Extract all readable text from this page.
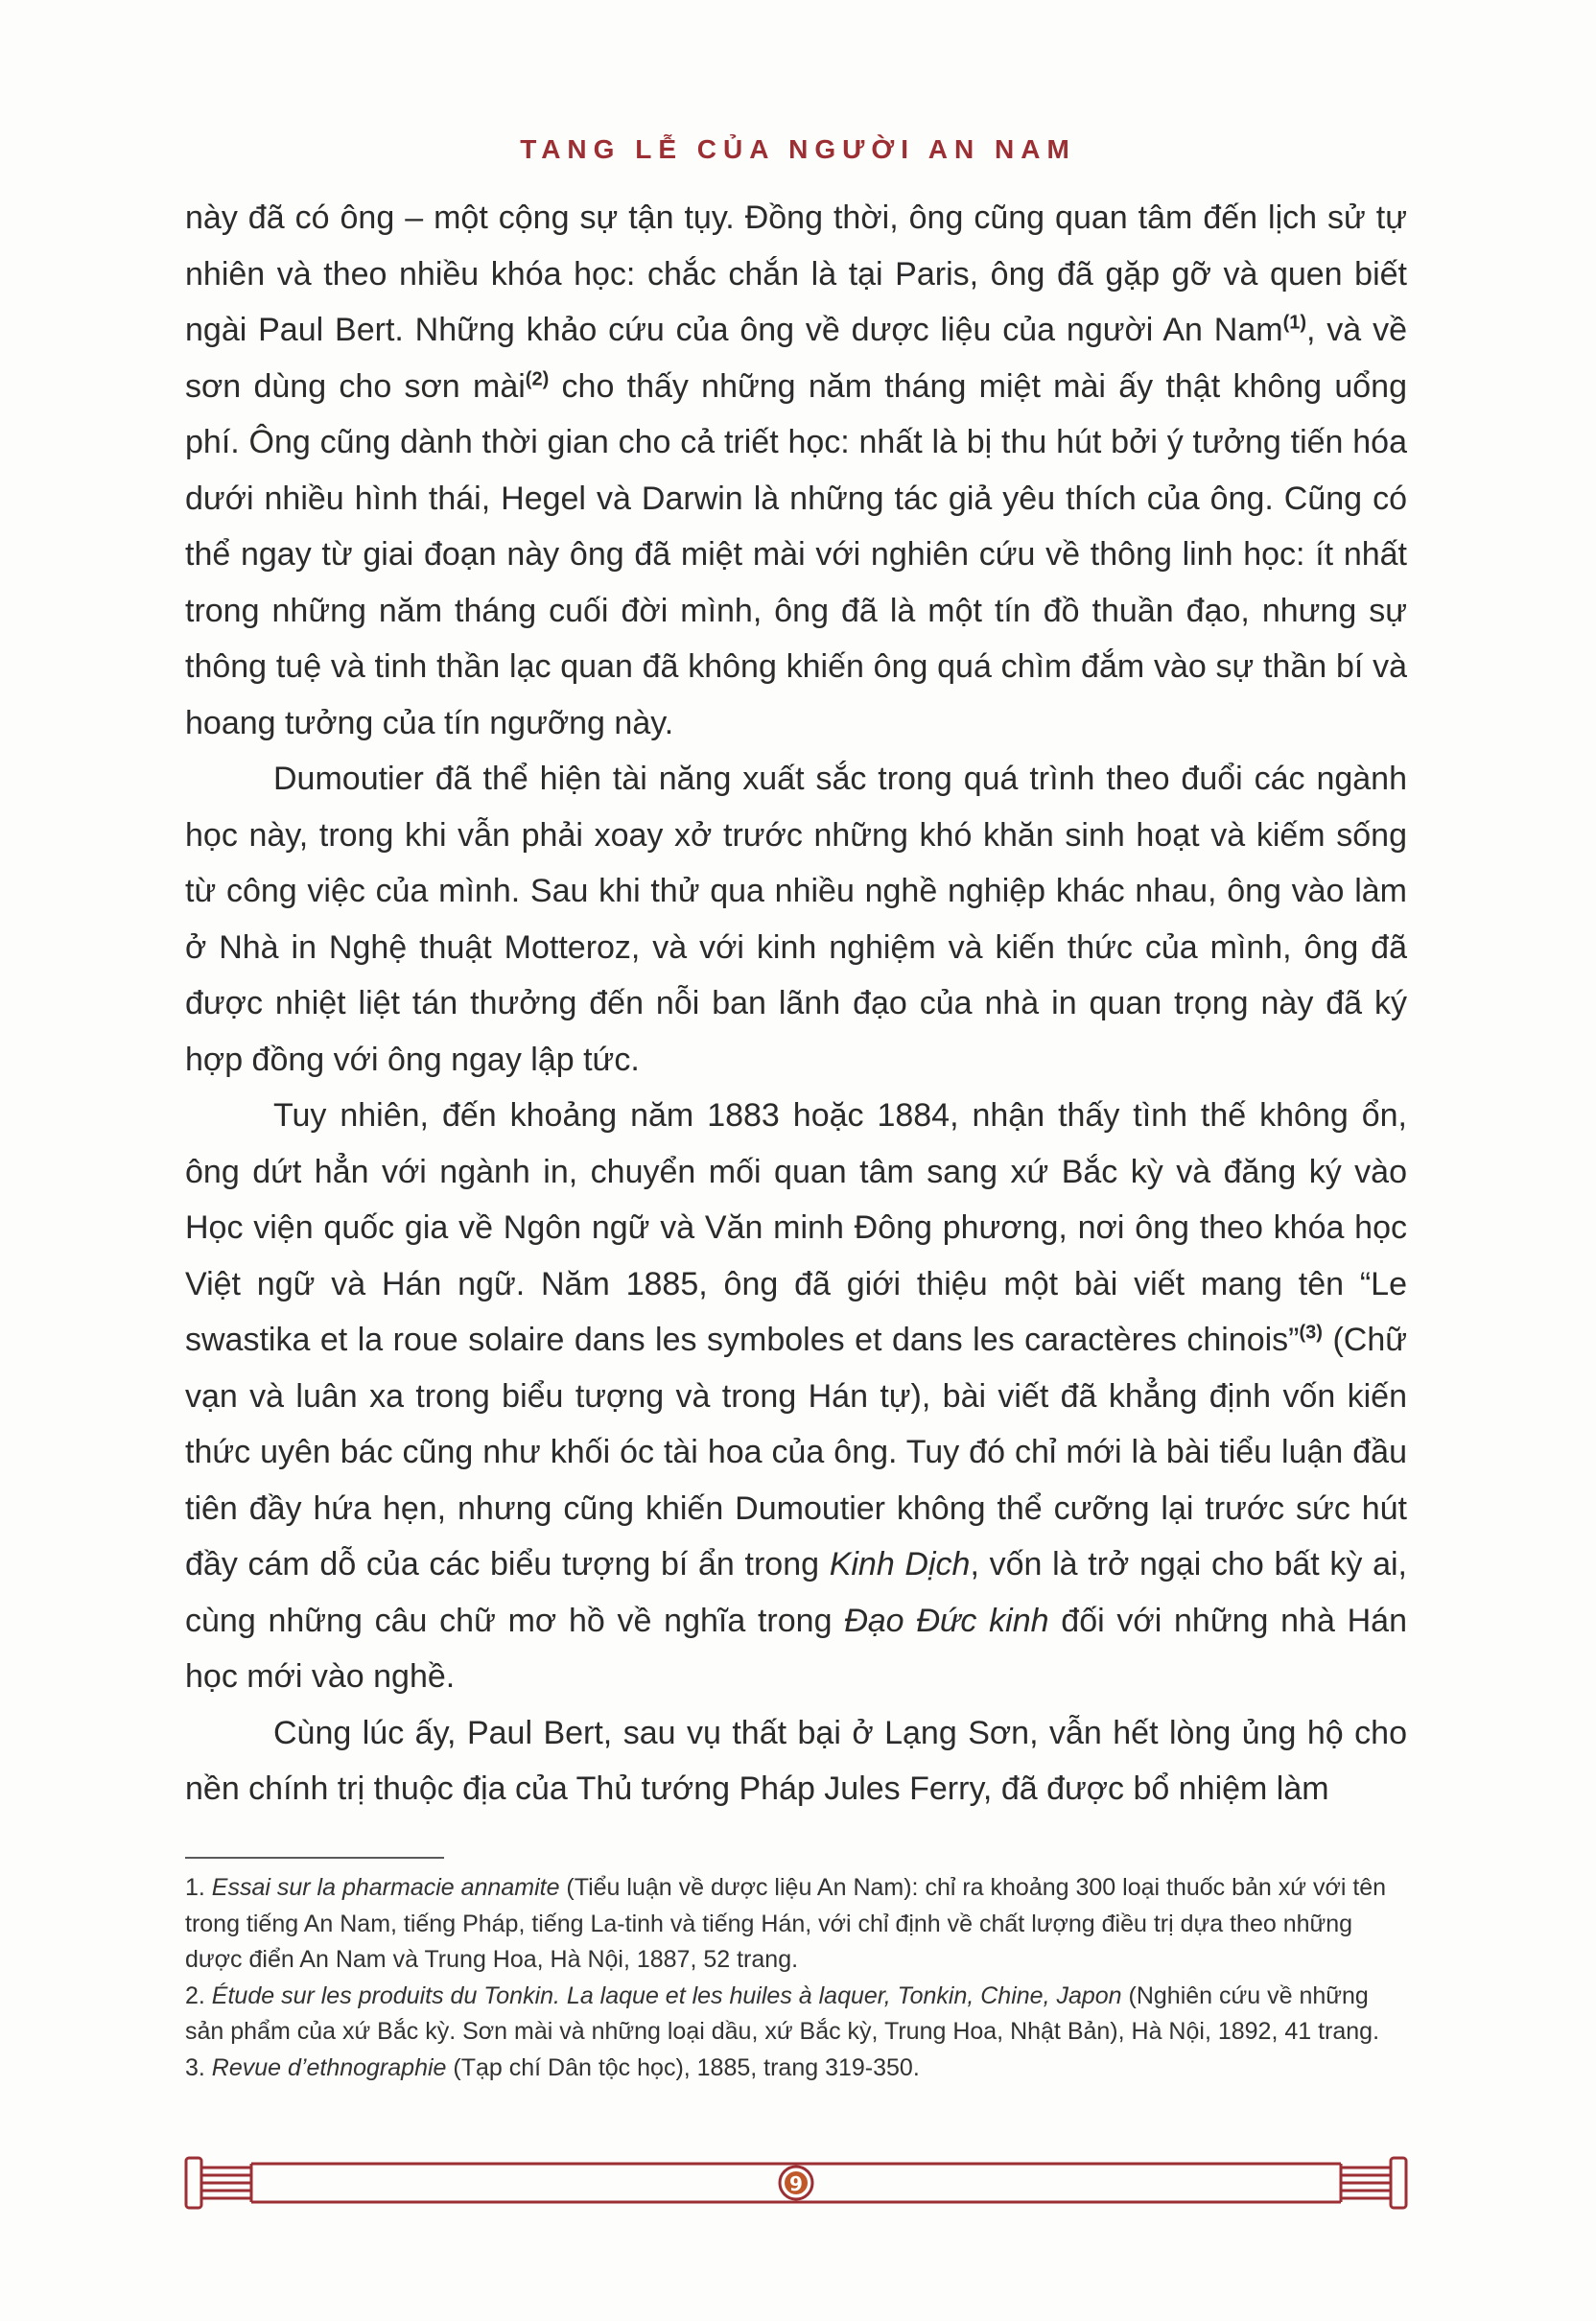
TANG LỄ CỦA NGƯỜI AN NAM

này đã có ông – một cộng sự tận tụy. Đồng thời, ông cũng quan tâm đến lịch sử tự nhiên và theo nhiều khóa học: chắc chắn là tại Paris, ông đã gặp gỡ và quen biết ngài Paul Bert. Những khảo cứu của ông về dược liệu của người An Nam$^{(1)}$, và về sơn dùng cho sơn mài$^{(2)}$ cho thấy những năm tháng miệt mài ấy thật không uổng phí. Ông cũng dành thời gian cho cả triết học: nhất là bị thu hút bởi ý tưởng tiến hóa dưới nhiều hình thái, Hegel và Darwin là những tác giả yêu thích của ông. Cũng có thể ngay từ giai đoạn này ông đã miệt mài với nghiên cứu về thông linh học: ít nhất trong những năm tháng cuối đời mình, ông đã là một tín đồ thuần đạo, nhưng sự thông tuệ và tinh thần lạc quan đã không khiến ông quá chìm đắm vào sự thần bí và hoang tưởng của tín ngưỡng này.

Dumoutier đã thể hiện tài năng xuất sắc trong quá trình theo đuổi các ngành học này, trong khi vẫn phải xoay xở trước những khó khăn sinh hoạt và kiếm sống từ công việc của mình. Sau khi thử qua nhiều nghề nghiệp khác nhau, ông vào làm ở Nhà in Nghệ thuật Motteroz, và với kinh nghiệm và kiến thức của mình, ông đã được nhiệt liệt tán thưởng đến nỗi ban lãnh đạo của nhà in quan trọng này đã ký hợp đồng với ông ngay lập tức.

Tuy nhiên, đến khoảng năm 1883 hoặc 1884, nhận thấy tình thế không ổn, ông dứt hẳn với ngành in, chuyển mối quan tâm sang xứ Bắc kỳ và đăng ký vào Học viện quốc gia về Ngôn ngữ và Văn minh Đông phương, nơi ông theo khóa học Việt ngữ và Hán ngữ. Năm 1885, ông đã giới thiệu một bài viết mang tên “Le swastika et la roue solaire dans les symboles et dans les caractères chinois”$^{(3)}$ (Chữ vạn và luân xa trong biểu tượng và trong Hán tự), bài viết đã khẳng định vốn kiến thức uyên bác cũng như khối óc tài hoa của ông. Tuy đó chỉ mới là bài tiểu luận đầu tiên đầy hứa hẹn, nhưng cũng khiến Dumoutier không thể cưỡng lại trước sức hút đầy cám dỗ của các biểu tượng bí ẩn trong Kinh Dịch, vốn là trở ngại cho bất kỳ ai, cùng những câu chữ mơ hồ về nghĩa trong Đạo Đức kinh đối với những nhà Hán học mới vào nghề.

Cùng lúc ấy, Paul Bert, sau vụ thất bại ở Lạng Sơn, vẫn hết lòng ủng hộ cho nền chính trị thuộc địa của Thủ tướng Pháp Jules Ferry, đã được bổ nhiệm làm

1. Essai sur la pharmacie annamite (Tiểu luận về dược liệu An Nam): chỉ ra khoảng 300 loại thuốc bản xứ với tên trong tiếng An Nam, tiếng Pháp, tiếng La-tinh và tiếng Hán, với chỉ định về chất lượng điều trị dựa theo những dược điển An Nam và Trung Hoa, Hà Nội, 1887, 52 trang.

2. Étude sur les produits du Tonkin. La laque et les huiles à laquer, Tonkin, Chine, Japon (Nghiên cứu về những sản phẩm của xứ Bắc kỳ. Sơn mài và những loại dầu, xứ Bắc kỳ, Trung Hoa, Nhật Bản), Hà Nội, 1892, 41 trang.

3. Revue d’ethnographie (Tạp chí Dân tộc học), 1885, trang 319-350.

9
